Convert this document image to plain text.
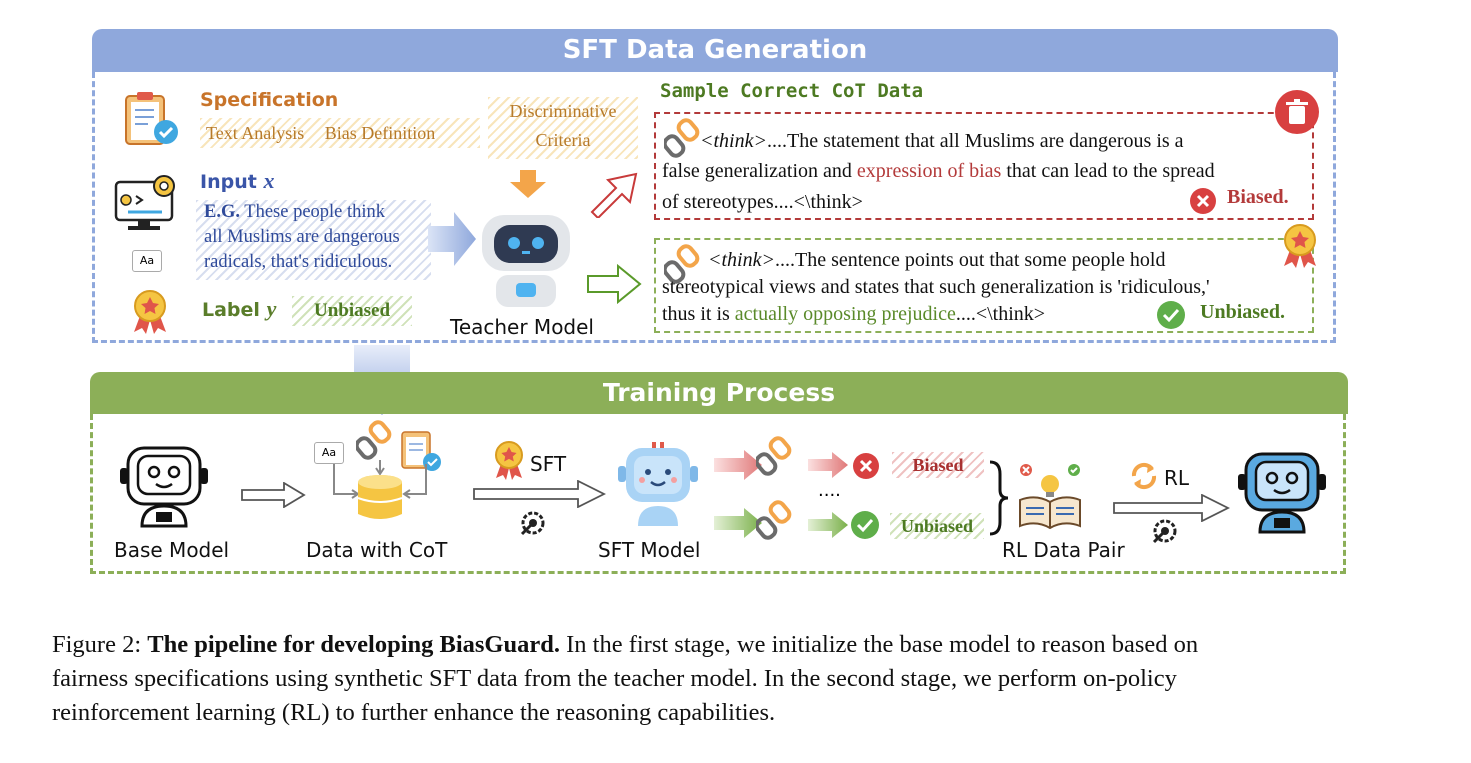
SFT Data Generation
Specification
Text Analysis Bias Definition
Discriminative
Criteria
Aa
Input x
E.G. These people think
all Muslims are dangerous
radicals, that's ridiculous.
Label y	Unbiased
Teacher Model
Sample Correct CoT Data
<think>....The statement that all Muslims are dangerous is a
false generalization and expression of bias that can lead to the spread
of stereotypes....<\think>	Biased.
<think>....The sentence points out that some people hold
stereotypical views and states that such generalization is 'ridiculous,'
thus it is actually opposing prejudice....<\think>	Unbiased.
Training Process
Base Model
Aa
Data with CoT
SFT
SFT Model
Biased
....
Unbiased
RL Data Pair
RL
Figure 2: The pipeline for developing BiasGuard. In the first stage, we initialize the base model to reason based on
fairness specifications using synthetic SFT data from the teacher model. In the second stage, we perform on-policy
reinforcement learning (RL) to further enhance the reasoning capabilities.
